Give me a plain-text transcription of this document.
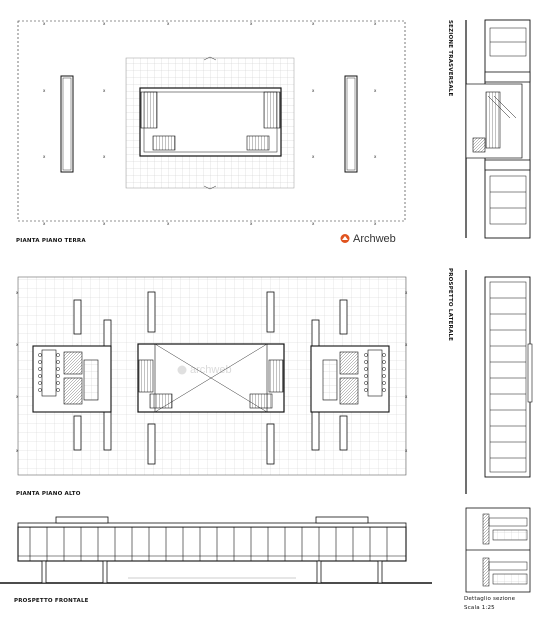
x	x	x	x	x	x
x	x	x	x
x	x	x	x
x	x	x	x	x	x
x
x
x
x
x
x
x
x
PIANTA PIANO TERRA
PIANTA PIANO ALTO
PROSPETTO FRONTALE
SEZIONE TRASVERSALE
PROSPETTO LATERALE
Dettaglio sezione
Scala 1:25
Archweb
archweb
